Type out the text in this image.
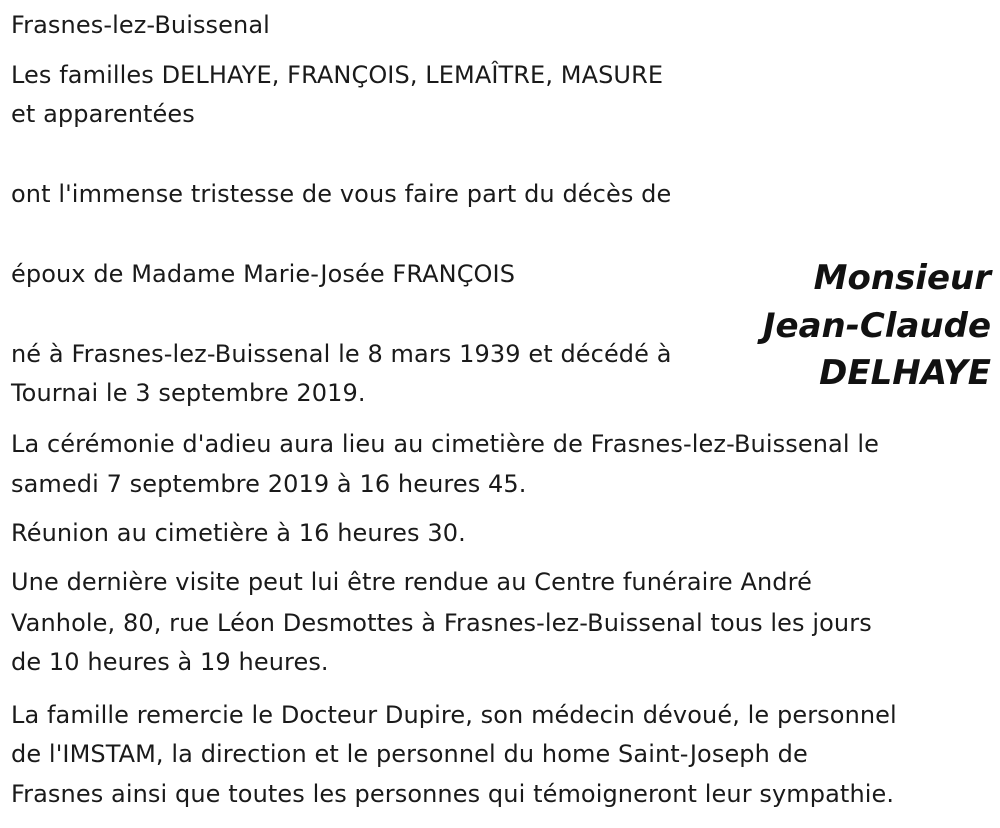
Frasnes-lez-Buissenal
Les familles DELHAYE, FRANÇOIS, LEMAÎTRE, MASURE
et apparentées
ont l'immense tristesse de vous faire part du décès de
époux de Madame Marie-Josée FRANÇOIS
né à Frasnes-lez-Buissenal le 8 mars 1939 et décédé à
Tournai le 3 septembre 2019.
La cérémonie d'adieu aura lieu au cimetière de Frasnes-lez-Buissenal le
samedi 7 septembre 2019 à 16 heures 45.
Réunion au cimetière à 16 heures 30.
Une dernière visite peut lui être rendue au Centre funéraire André
Vanhole, 80, rue Léon Desmottes à Frasnes-lez-Buissenal tous les jours
de 10 heures à 19 heures.
La famille remercie le Docteur Dupire, son médecin dévoué, le personnel
de l'IMSTAM, la direction et le personnel du home Saint-Joseph de
Frasnes ainsi que toutes les personnes qui témoigneront leur sympathie.
Monsieur
Jean-Claude
DELHAYE
